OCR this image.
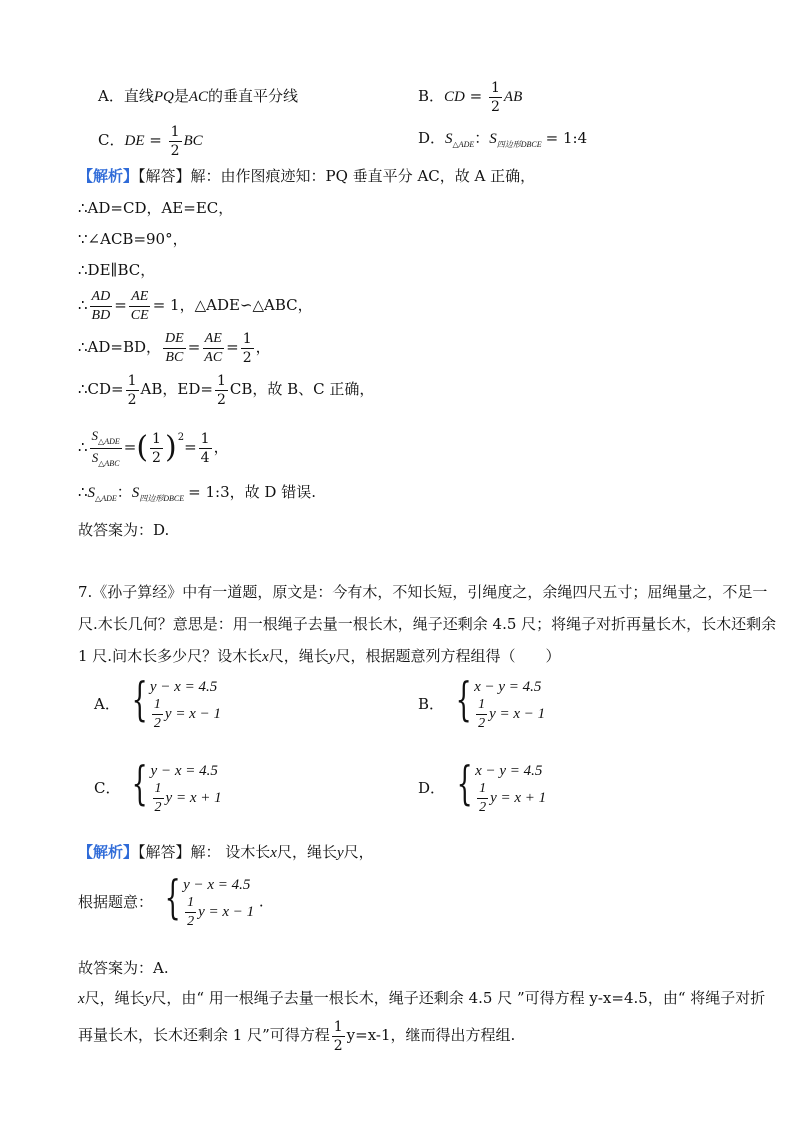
A．直线PQ是AC的垂直平分线	B．CD = $\frac{1}{2}$ AB
C．DE = $\frac{1}{2}$ BC	D．$S_{\triangle ADE}$：$S_{四边形DBCE}$ = 1:4
【解析】【解答】解：由作图痕迹知：PQ 垂直平分 AC，故 A 正确，
∴AD=CD，AE=EC，
∵∠ACB=90°，
∴DE∥BC，
∴ $\frac{AD}{BD} = \frac{AE}{CE} = 1$，△ADE∽△ABC，
∴AD=BD， $\frac{DE}{BC} = \frac{AE}{AC} = \frac{1}{2}$ ，
∴CD= $\frac{1}{2}$ AB，$ED= \frac{1}{2}$ CB，故 B、C 正确，
∴ $\frac{S_{\triangle ADE}}{S_{\triangle ABC}}$ =( $\frac{1}{2} )^2= \frac{1}{4}$ ，
$\therefore S_{\triangle ADE}$：$S_{四边形DBCE}$ = 1:3，故 D 错误.
故答案为：D.
7.《孙子算经》中有一道题，原文是：今有木，不知长短，引绳度之，余绳四尺五寸；屈绳量之，不足一
尺.木长几何？意思是：用一根绳子去量一根长木，绳子还剩余 4.5 尺；将绳子对折再量长木，长木还剩余
1 尺.问木长多少尺？设木长x尺，绳长y尺，根据题意列方程组得（　　）
A． { y − x = 4.5
$\frac{1}{2}$ y = x − 1
B． { x − y = 4.5
$\frac{1}{2}$ y = x − 1
C． { y − x = 4.5
$\frac{1}{2}$ y = x + 1
D． { x − y = 4.5
$\frac{1}{2}$ y = x + 1
【解析】【解答】解： 设木长x尺，绳长y尺，
根据题意： { y − x = 4.5
$\frac{1}{2}$ y = x − 1
.
故答案为：A.
x尺，绳长y尺，由“ 用一根绳子去量一根长木，绳子还剩余 4.5 尺 ”可得方程 y-x=4.5，由“ 将绳子对折
再量长木，长木还剩余 1 尺”可得方程 $\frac{1}{2} y=x-1$，继而得出方程组.
